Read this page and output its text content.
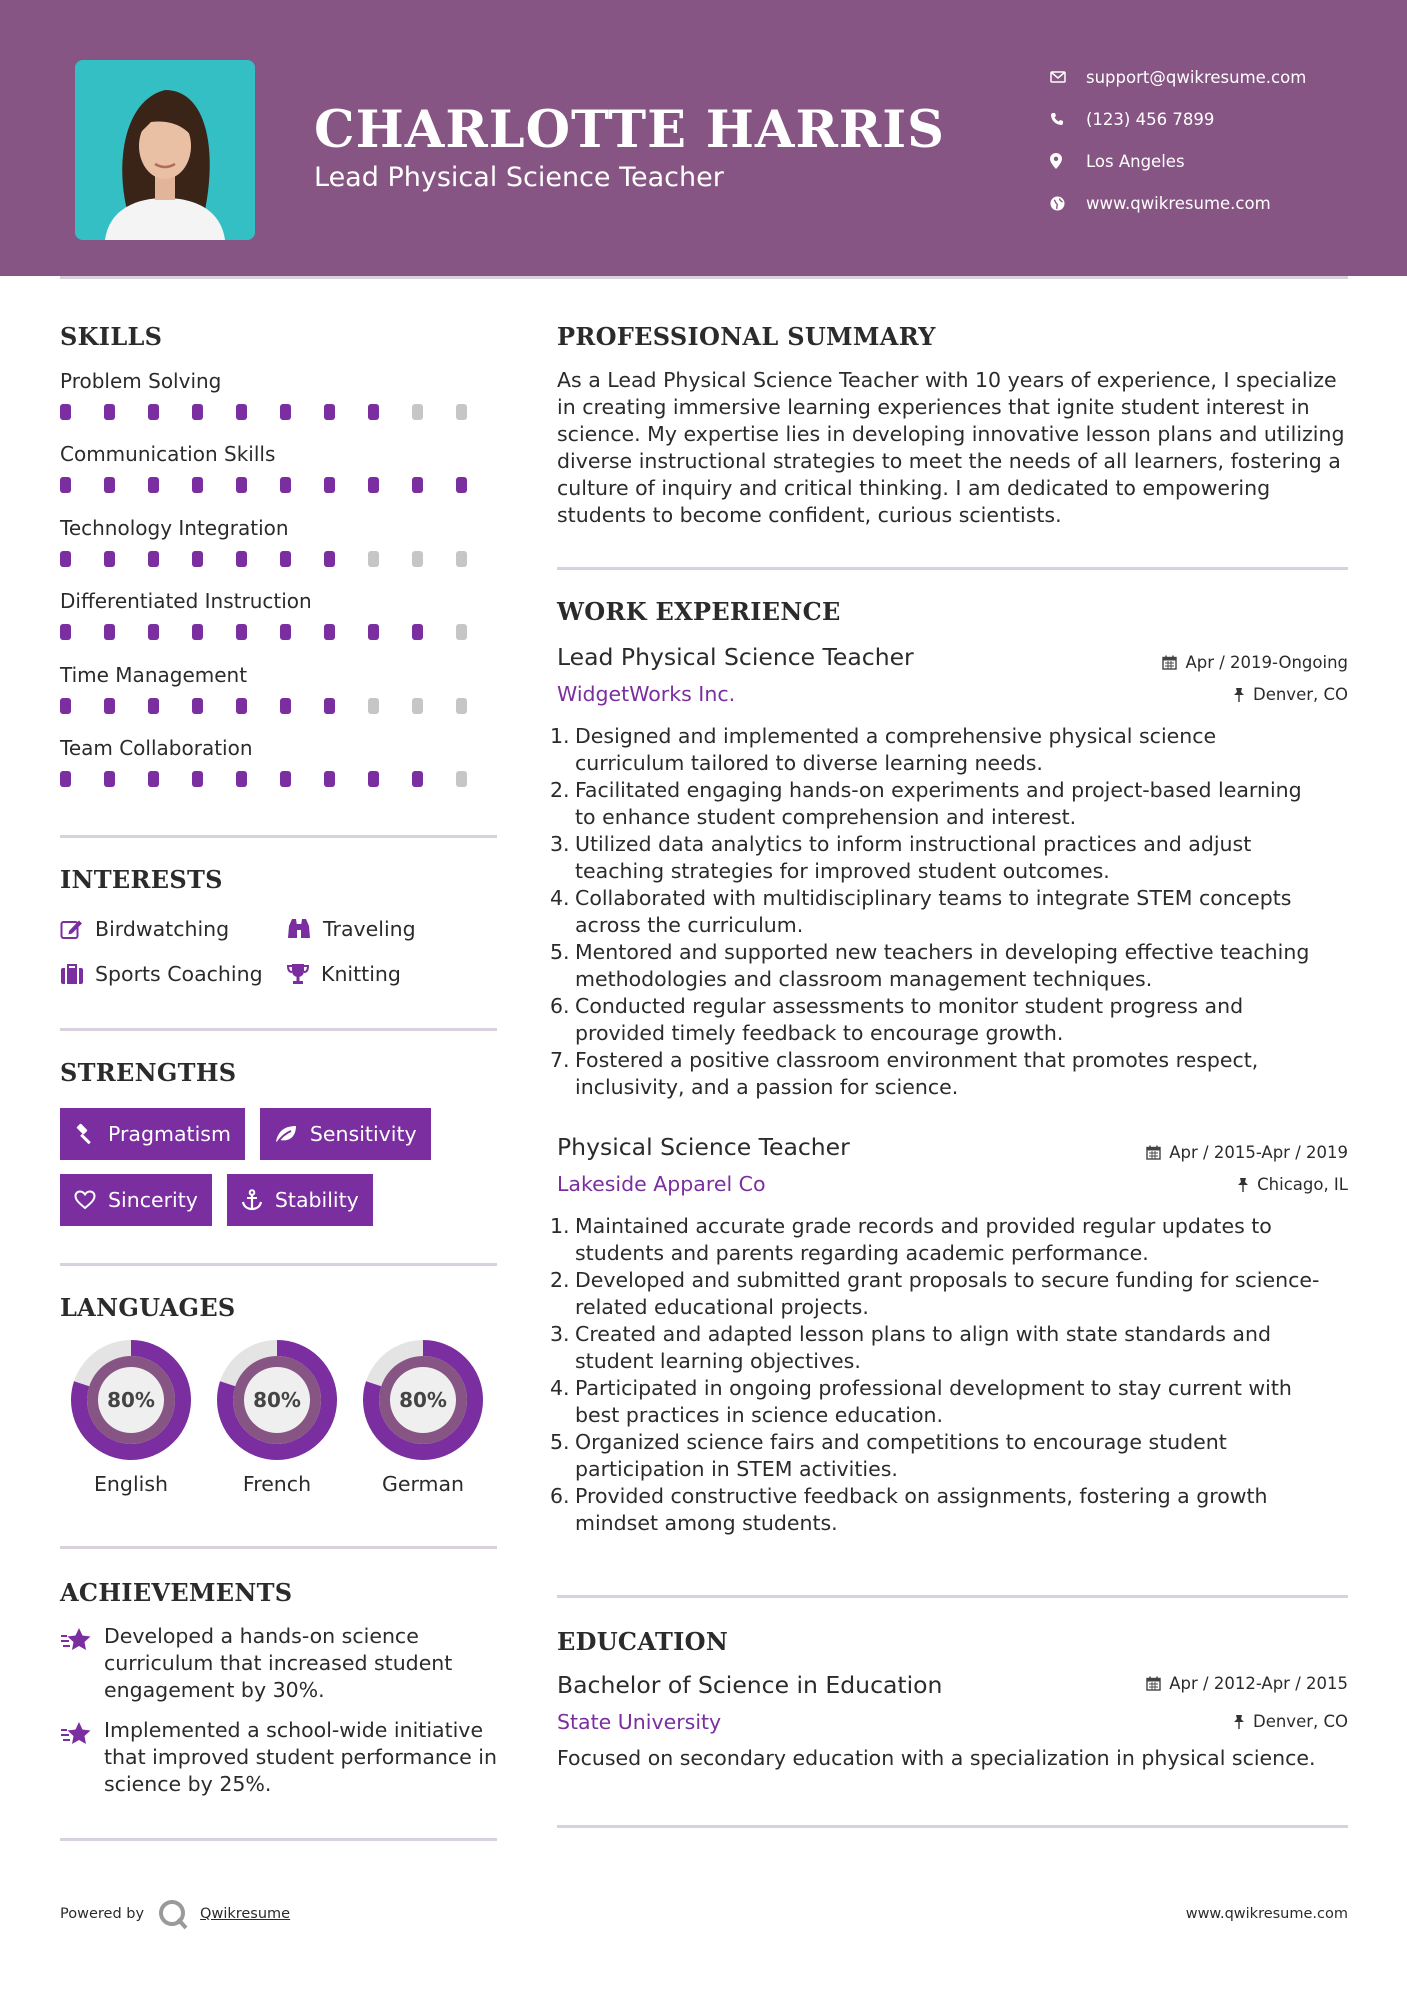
CHARLOTTE HARRIS
Lead Physical Science Teacher
support@qwikresume.com
(123) 456 7899
Los Angeles
www.qwikresume.com
SKILLS
Problem Solving
Communication Skills
Technology Integration
Differentiated Instruction
Time Management
Team Collaboration
INTERESTS
Birdwatching	Traveling
Sports Coaching	Knitting
STRENGTHS
Pragmatism	Sensitivity
Sincerity	Stability
LANGUAGES
80%
English
80%
French
80%
German
ACHIEVEMENTS
Developed a hands-on science curriculum that increased student engagement by 30%.
Implemented a school-wide initiative that improved student performance in science by 25%.
PROFESSIONAL SUMMARY
As a Lead Physical Science Teacher with 10 years of experience, I specialize in creating immersive learning experiences that ignite student interest in science. My expertise lies in developing innovative lesson plans and utilizing diverse instructional strategies to meet the needs of all learners, fostering a culture of inquiry and critical thinking. I am dedicated to empowering students to become confident, curious scientists.
WORK EXPERIENCE
Lead Physical Science Teacher	Apr / 2019-Ongoing
WidgetWorks Inc.	Denver, CO
1. Designed and implemented a comprehensive physical science
curriculum tailored to diverse learning needs.
2. Facilitated engaging hands-on experiments and project-based learning
to enhance student comprehension and interest.
3. Utilized data analytics to inform instructional practices and adjust
teaching strategies for improved student outcomes.
4. Collaborated with multidisciplinary teams to integrate STEM concepts
across the curriculum.
5. Mentored and supported new teachers in developing effective teaching
methodologies and classroom management techniques.
6. Conducted regular assessments to monitor student progress and
provided timely feedback to encourage growth.
7. Fostered a positive classroom environment that promotes respect,
inclusivity, and a passion for science.
Physical Science Teacher	Apr / 2015-Apr / 2019
Lakeside Apparel Co	Chicago, IL
1. Maintained accurate grade records and provided regular updates to
students and parents regarding academic performance.
2. Developed and submitted grant proposals to secure funding for science-
related educational projects.
3. Created and adapted lesson plans to align with state standards and
student learning objectives.
4. Participated in ongoing professional development to stay current with
best practices in science education.
5. Organized science fairs and competitions to encourage student
participation in STEM activities.
6. Provided constructive feedback on assignments, fostering a growth
mindset among students.
EDUCATION
Bachelor of Science in Education	Apr / 2012-Apr / 2015
State University	Denver, CO
Focused on secondary education with a specialization in physical science.
Powered by	Qwikresume	www.qwikresume.com
